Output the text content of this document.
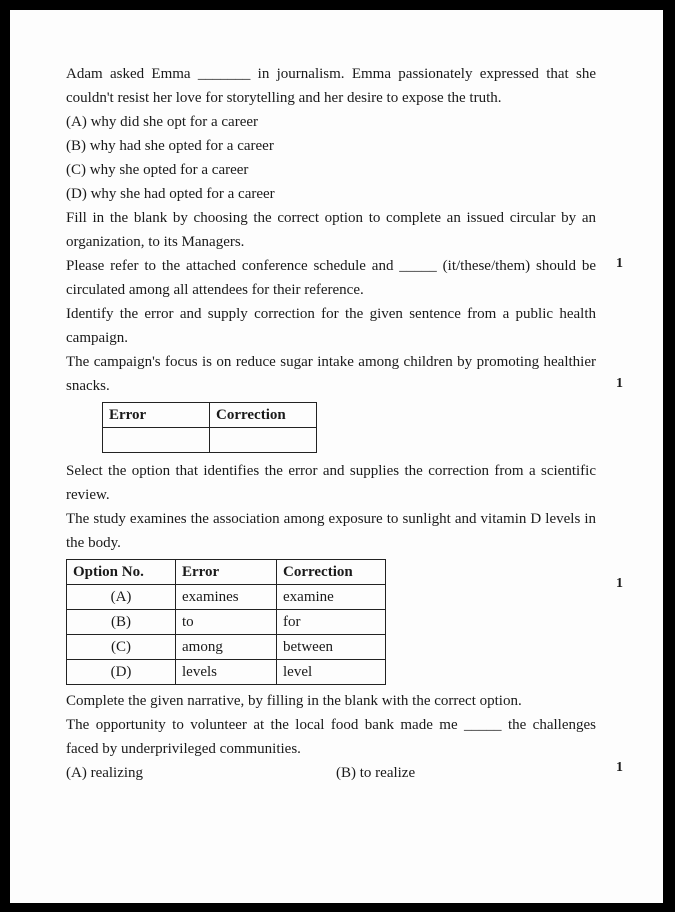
Adam asked Emma _______ in journalism. Emma passionately expressed that she couldn't resist her love for storytelling and her desire to expose the truth.

(A) why did she opt for a career

(B) why had she opted for a career

(C) why she opted for a career

(D) why she had opted for a career

Fill in the blank by choosing the correct option to complete an issued circular by an organization, to its Managers.

Please refer to the attached conference schedule and _____ (it/these/them) should be circulated among all attendees for their reference.

Identify the error and supply correction for the given sentence from a public health campaign.

The campaign's focus is on reduce sugar intake among children by promoting healthier snacks.

Error	Correction

Select the option that identifies the error and supplies the correction from a scientific review.

The study examines the association among exposure to sunlight and vitamin D levels in the body.

Option No.	Error	Correction
(A)	examines	examine
(B)	to	for
(C)	among	between
(D)	levels	level

Complete the given narrative, by filling in the blank with the correct option.

The opportunity to volunteer at the local food bank made me _____ the challenges faced by underprivileged communities.

(A) realizing	(B) to realize
1
1
1
1
